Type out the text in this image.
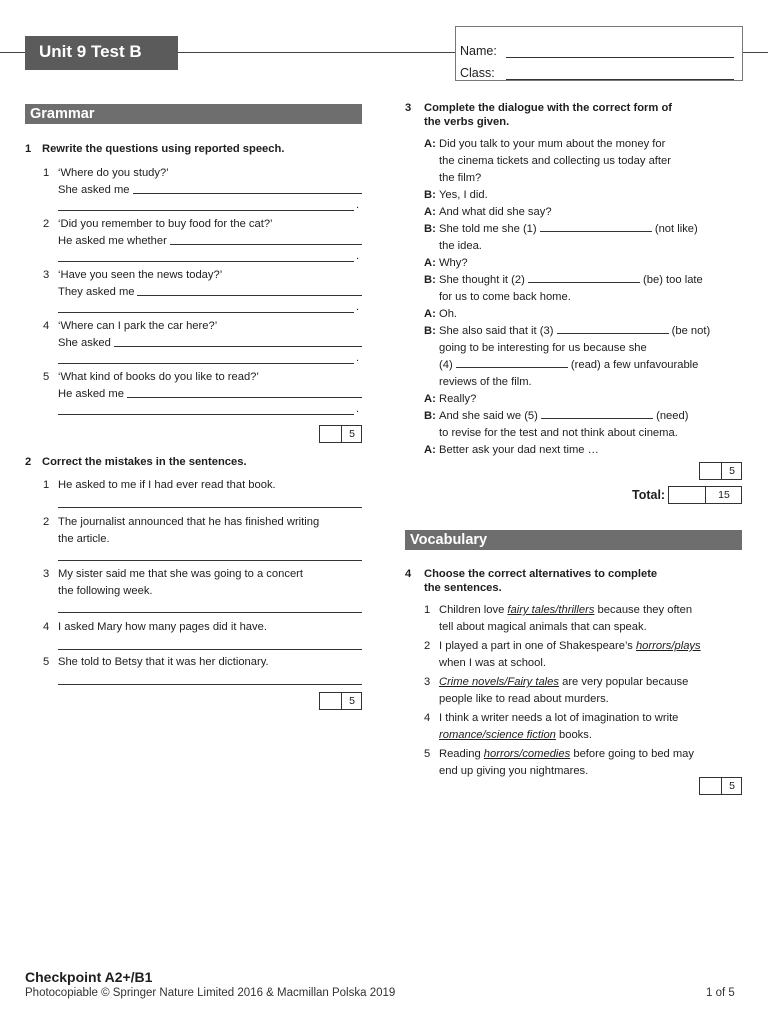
Unit 9 Test B	Name:
Class:
Grammar
1 Rewrite the questions using reported speech.
1 ‘Where do you study?’
She asked me
.
2 ‘Did you remember to buy food for the cat?’
He asked me whether
.
3 ‘Have you seen the news today?’
They asked me
.
4 ‘Where can I park the car here?’
She asked
.
5 ‘What kind of books do you like to read?’
He asked me
.
5
2 Correct the mistakes in the sentences.
1 He asked to me if I had ever read that book.
2 The journalist announced that he has finished writing
the article.
3 My sister said me that she was going to a concert
the following week.
4 I asked Mary how many pages did it have.
5 She told to Betsy that it was her dictionary.
5
3 Complete the dialogue with the correct form of
the verbs given.
A: Did you talk to your mum about the money for
the cinema tickets and collecting us today after
the film?
B: Yes, I did.
A: And what did she say?
B: She told me she (1)	(not like)
the idea.
A: Why?
B: She thought it (2)	(be) too late
for us to come back home.
A: Oh.
B: She also said that it (3)	(be not)
going to be interesting for us because she
(4)	(read) a few unfavourable
reviews of the film.
A: Really?
B: And she said we (5)	(need)
to revise for the test and not think about cinema.
A: Better ask your dad next time …
5
Total:	15
Vocabulary
4 Choose the correct alternatives to complete
the sentences.
1 Children love fairy tales/thrillers because they often
tell about magical animals that can speak.
2 I played a part in one of Shakespeare’s horrors/plays
when I was at school.
3 Crime novels/Fairy tales are very popular because
people like to read about murders.
4 I think a writer needs a lot of imagination to write
romance/science fiction books.
5 Reading horrors/comedies before going to bed may
end up giving you nightmares.
5
Checkpoint A2+/B1
Photocopiable © Springer Nature Limited 2016 & Macmillan Polska 2019	1 of 5
